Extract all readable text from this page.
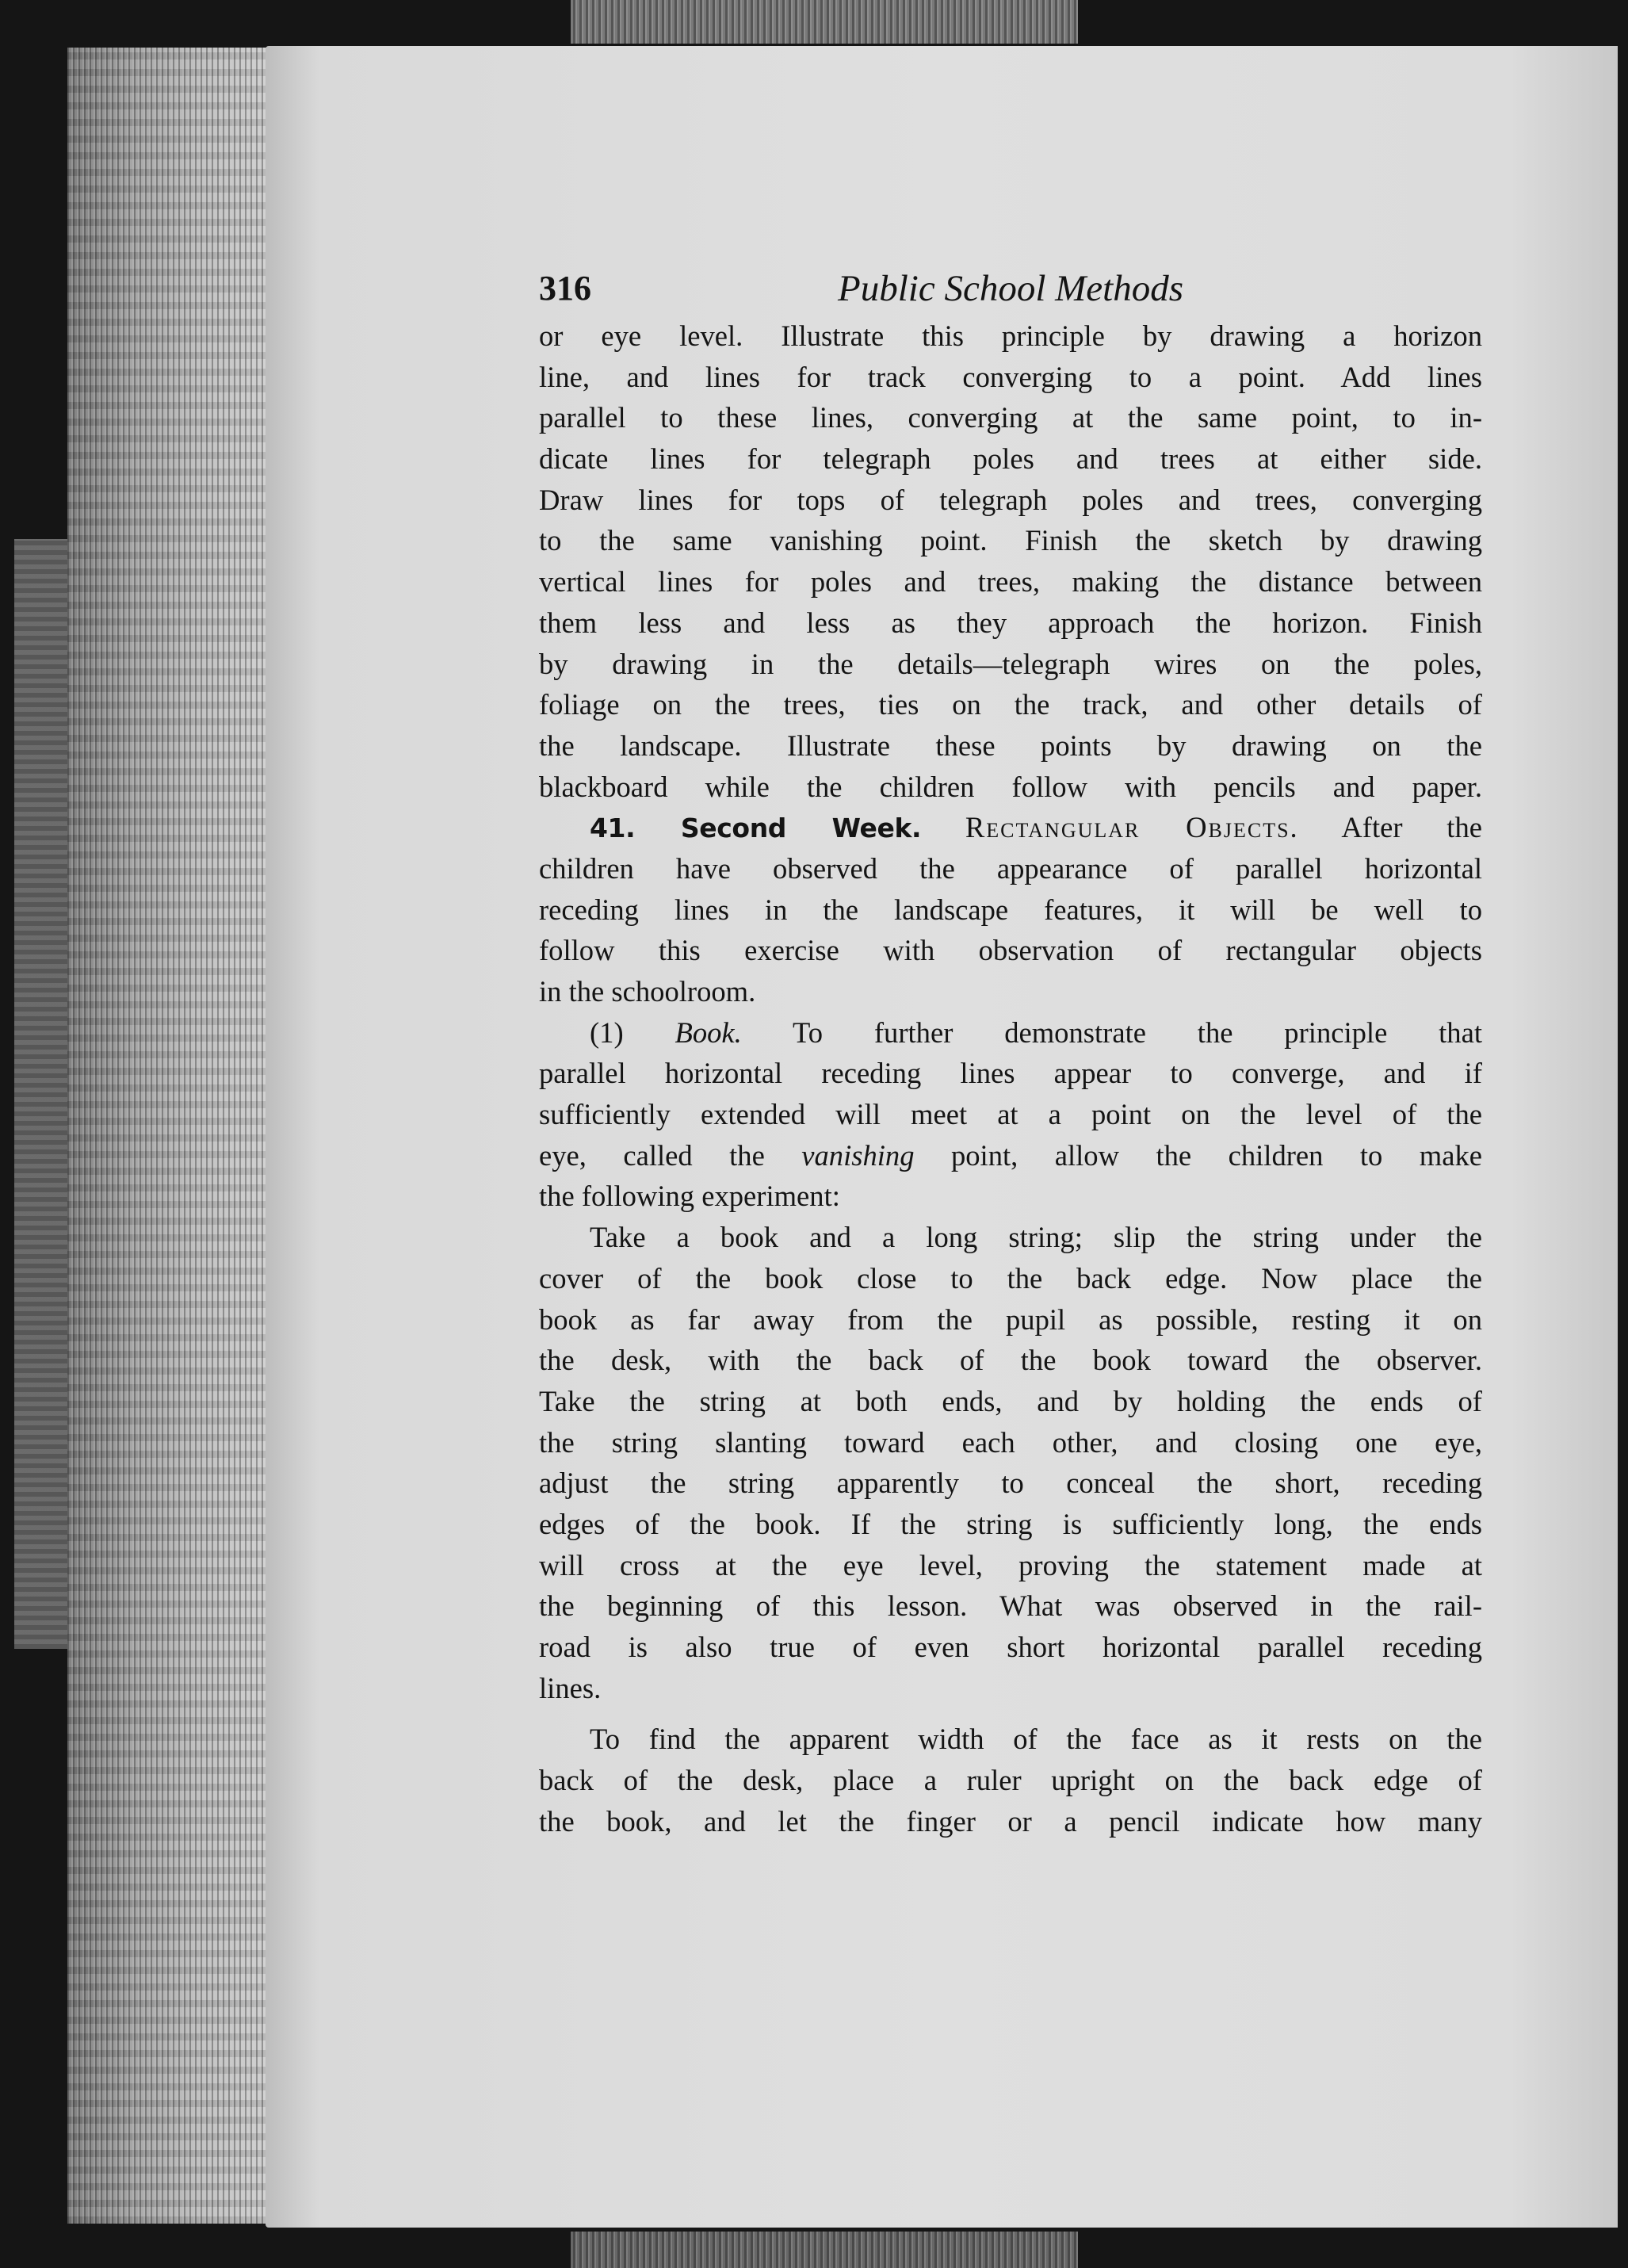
316	Public School Methods
or eye level. Illustrate this principle by drawing a horizon
line, and lines for track converging to a point. Add lines
parallel to these lines, converging at the same point, to in-
dicate lines for telegraph poles and trees at either side.
Draw lines for tops of telegraph poles and trees, converging
to the same vanishing point. Finish the sketch by drawing
vertical lines for poles and trees, making the distance between
them less and less as they approach the horizon. Finish
by drawing in the details—telegraph wires on the poles,
foliage on the trees, ties on the track, and other details of
the landscape. Illustrate these points by drawing on the
blackboard while the children follow with pencils and paper.
41. Second Week. Rectangular Objects. After the
children have observed the appearance of parallel horizontal
receding lines in the landscape features, it will be well to
follow this exercise with observation of rectangular objects
in the schoolroom.
(1) Book. To further demonstrate the principle that
parallel horizontal receding lines appear to converge, and if
sufficiently extended will meet at a point on the level of the
eye, called the vanishing point, allow the children to make
the following experiment:
Take a book and a long string; slip the string under the
cover of the book close to the back edge. Now place the
book as far away from the pupil as possible, resting it on
the desk, with the back of the book toward the observer.
Take the string at both ends, and by holding the ends of
the string slanting toward each other, and closing one eye,
adjust the string apparently to conceal the short, receding
edges of the book. If the string is sufficiently long, the ends
will cross at the eye level, proving the statement made at
the beginning of this lesson. What was observed in the rail-
road is also true of even short horizontal parallel receding
lines.
To find the apparent width of the face as it rests on the
back of the desk, place a ruler upright on the back edge of
the book, and let the finger or a pencil indicate how many
